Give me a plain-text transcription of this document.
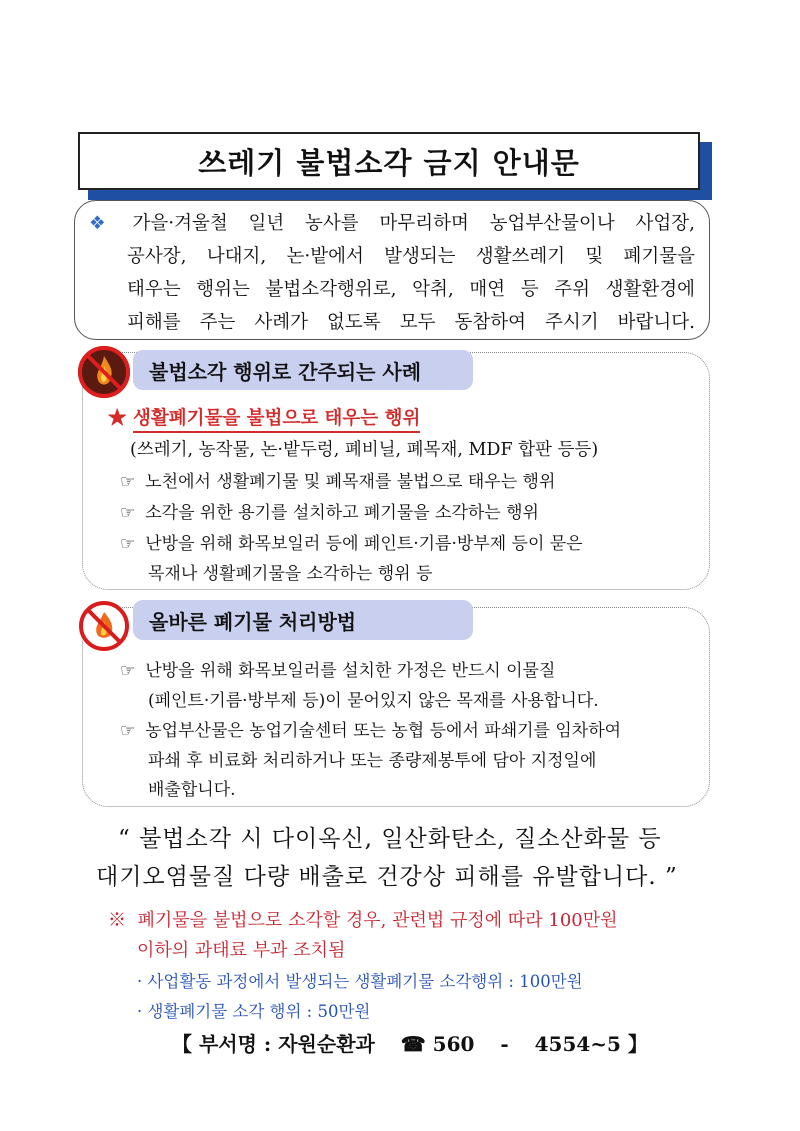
쓰레기 불법소각 금지 안내문
❖ 가을·겨울철 일년 농사를 마무리하며 농업부산물이나 사업장,
공사장, 나대지, 논·밭에서 발생되는 생활쓰레기 및 폐기물을
태우는 행위는 불법소각행위로, 악취, 매연 등 주위 생활환경에
피해를 주는 사례가 없도록 모두 동참하여 주시기 바랍니다.
불법소각 행위로 간주되는 사례
★ 생활폐기물을 불법으로 태우는 행위
(쓰레기, 농작물, 논·밭두렁, 폐비닐, 폐목재, MDF 합판 등등)
☞ 노천에서 생활폐기물 및 폐목재를 불법으로 태우는 행위
☞ 소각을 위한 용기를 설치하고 폐기물을 소각하는 행위
☞ 난방을 위해 화목보일러 등에 페인트·기름·방부제 등이 묻은
목재나 생활폐기물을 소각하는 행위 등
올바른 폐기물 처리방법
☞ 난방을 위해 화목보일러를 설치한 가정은 반드시 이물질
(페인트·기름·방부제 등)이 묻어있지 않은 목재를 사용합니다.
☞ 농업부산물은 농업기술센터 또는 농협 등에서 파쇄기를 임차하여
파쇄 후 비료화 처리하거나 또는 종량제봉투에 담아 지정일에
배출합니다.
“ 불법소각 시 다이옥신, 일산화탄소, 질소산화물 등
대기오염물질 다량 배출로 건강상 피해를 유발합니다. ”
※ 폐기물을 불법으로 소각할 경우, 관련법 규정에 따라 100만원
이하의 과태료 부과 조치됨
· 사업활동 과정에서 발생되는 생활폐기물 소각행위 : 100만원
· 생활폐기물 소각 행위 : 50만원
【 부서명 : 자원순환과 ☎ 560 - 4554~5 】
